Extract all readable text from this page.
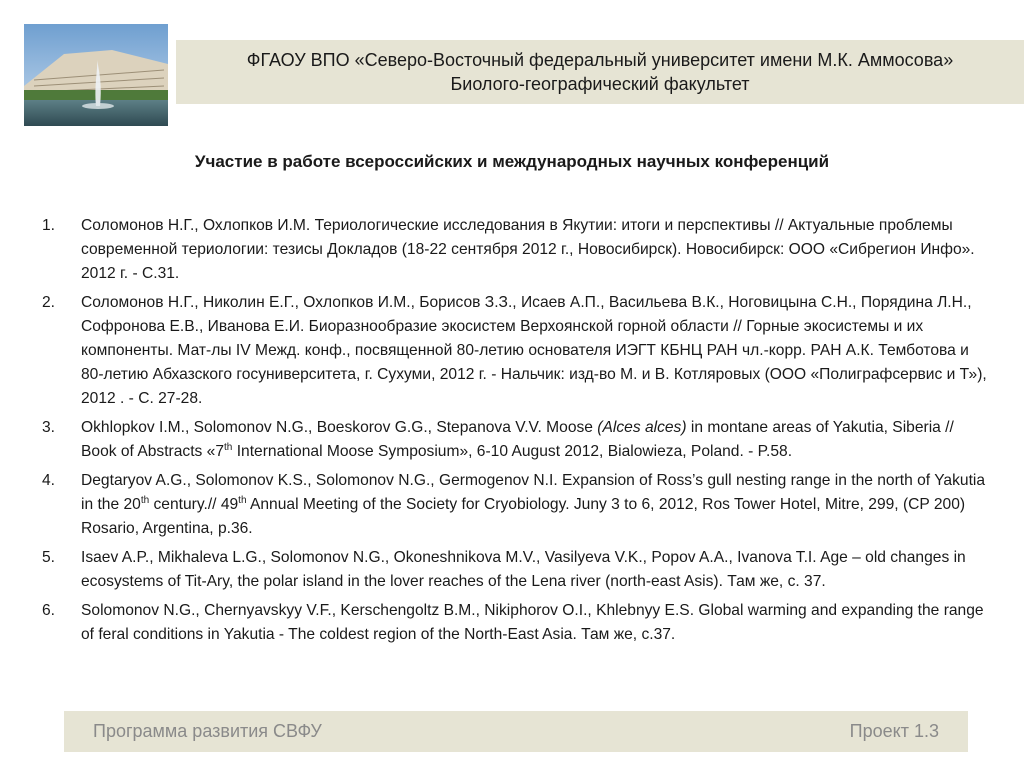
ФГАОУ ВПО «Северо-Восточный федеральный университет имени М.К. Аммосова»
Биолого-географический факультет
Участие в работе всероссийских и международных научных конференций
1.	Соломонов Н.Г., Охлопков И.М. Териологические исследования в Якутии: итоги и перспективы // Актуальные проблемы современной териологии: тезисы Докладов (18-22 сентября 2012 г., Новосибирск). Новосибирск: ООО «Сибрегион Инфо». 2012 г. - С.31.
2.	Соломонов Н.Г., Николин Е.Г., Охлопков И.М., Борисов З.З., Исаев А.П., Васильева В.К., Ноговицына С.Н., Порядина Л.Н., Софронова Е.В., Иванова Е.И. Биоразнообразие экосистем Верхоянской горной области // Горные экосистемы и их компоненты. Мат-лы IV Межд. конф., посвященной 80-летию основателя ИЭГТ КБНЦ РАН чл.-корр. РАН А.К. Темботова и 80-летию Абхазского госуниверситета, г. Сухуми, 2012 г. - Нальчик: изд-во М. и В. Котляровых (ООО «Полиграфсервис и Т»), 2012 . - С. 27-28.
3.	Okhlopkov I.M., Solomonov N.G., Boeskorov G.G., Stepanova V.V. Moose (Alces alces) in montane areas of Yakutia, Siberia // Book of Abstracts «7th International Moose Symposium», 6-10 August 2012, Bialowieza, Poland. - P.58.
4.	Degtaryov A.G., Solomonov K.S., Solomonov N.G., Germogenov N.I. Expansion of Ross’s gull nesting range in the north of Yakutia in the 20th century.// 49th Annual Meeting of the Society for Cryobiology. Juny 3 to 6, 2012, Ros Tower Hotel, Mitre, 299, (CP 200) Rosario, Argentina, p.36.
5.	Isaev A.P., Mikhaleva L.G., Solomonov N.G., Okoneshnikova M.V., Vasilyeva V.K., Popov A.A., Ivanova T.I. Age – old changes in ecosystems of Tit-Ary, the polar island in the lover reaches of the Lena river (north-east Asis). Там же, с. 37.
6.	Solomonov N.G., Chernyavskyy V.F., Kerschengoltz B.M., Nikiphorov O.I., Khlebnyy E.S. Global warming and expanding the range of feral conditions in Yakutia - The coldest region of the North-East Asia. Там же, с.37.
Программа развития СВФУ	Проект 1.3
